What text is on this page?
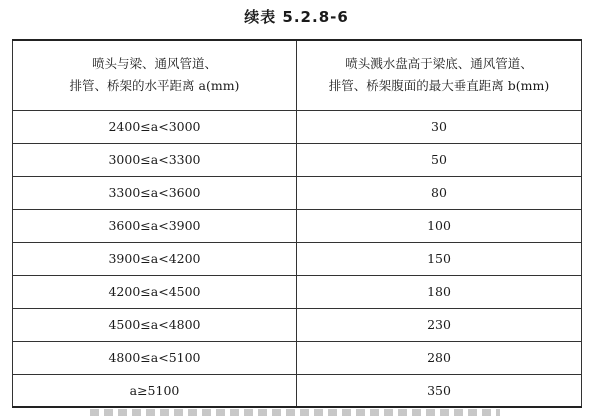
续表 5.2.8-6
喷头与梁、通风管道、
排管、桥架的水平距离 a(mm)	喷头溅水盘高于梁底、通风管道、
排管、桥架腹面的最大垂直距离 b(mm)

2400≤a<3000	30
3000≤a<3300	50
3300≤a<3600	80
3600≤a<3900	100
3900≤a<4200	150
4200≤a<4500	180
4500≤a<4800	230
4800≤a<5100	280
a≥5100	350
